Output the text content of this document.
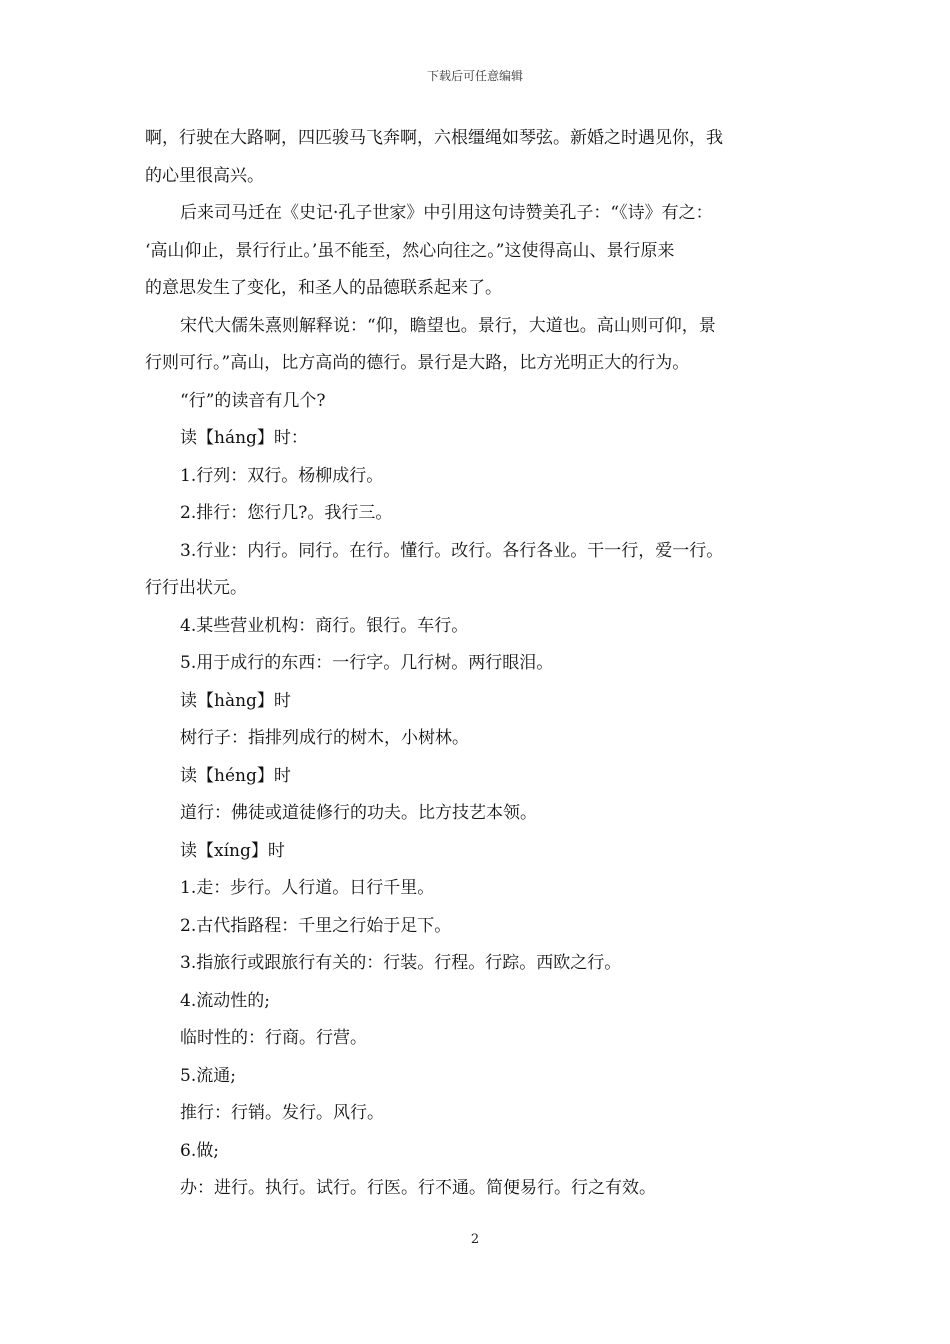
下载后可任意编辑
啊，行驶在大路啊，四匹骏马飞奔啊，六根缰绳如琴弦。新婚之时遇见你，我
的心里很高兴。
后来司马迁在《史记·孔子世家》中引用这句诗赞美孔子：“《诗》有之：
‘高山仰止，景行行止。’虽不能至，然心向往之。”这使得高山、景行原来
的意思发生了变化，和圣人的品德联系起来了。
宋代大儒朱熹则解释说：“仰，瞻望也。景行，大道也。高山则可仰，景
行则可行。”高山，比方高尚的德行。景行是大路，比方光明正大的行为。
“行”的读音有几个?
读【háng】时：
1.行列：双行。杨柳成行。
2.排行：您行几?。我行三。
3.行业：内行。同行。在行。懂行。改行。各行各业。干一行，爱一行。
行行出状元。
4.某些营业机构：商行。银行。车行。
5.用于成行的东西：一行字。几行树。两行眼泪。
读【hàng】时
树行子：指排列成行的树木，小树林。
读【héng】时
道行：佛徒或道徒修行的功夫。比方技艺本领。
读【xíng】时
1.走：步行。人行道。日行千里。
2.古代指路程：千里之行始于足下。
3.指旅行或跟旅行有关的：行装。行程。行踪。西欧之行。
4.流动性的;
临时性的：行商。行营。
5.流通;
推行：行销。发行。风行。
6.做;
办：进行。执行。试行。行医。行不通。简便易行。行之有效。
2
